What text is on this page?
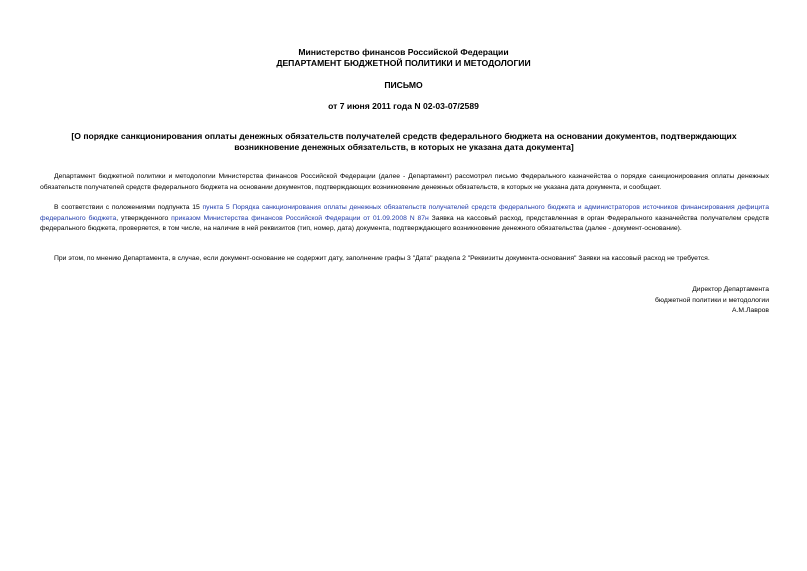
Министерство финансов Российской Федерации
ДЕПАРТАМЕНТ БЮДЖЕТНОЙ ПОЛИТИКИ И МЕТОДОЛОГИИ
ПИСЬМО
от 7 июня 2011 года N 02-03-07/2589
[О порядке санкционирования оплаты денежных обязательств получателей средств федерального бюджета на основании документов, подтверждающих возникновение денежных обязательств, в которых не указана дата документа]

Департамент бюджетной политики и методологии Министерства финансов Российской Федерации (далее - Департамент) рассмотрел письмо Федерального казначейства о порядке санкционирования оплаты денежных обязательств получателей средств федерального бюджета на основании документов, подтверждающих возникновение денежных обязательств, в которых не указана дата документа, и сообщает.

В соответствии с положениями подпункта 15 пункта 5 Порядка санкционирования оплаты денежных обязательств получателей средств федерального бюджета и администраторов источников финансирования дефицита федерального бюджета, утвержденного приказом Министерства финансов Российской Федерации от 01.09.2008 N 87н Заявка на кассовый расход, представленная в орган Федерального казначейства получателем средств федерального бюджета, проверяется, в том числе, на наличие в ней реквизитов (тип, номер, дата) документа, подтверждающего возникновение денежного обязательства (далее - документ-основание).

При этом, по мнению Департамента, в случае, если документ-основание не содержит дату, заполнение графы 3 "Дата" раздела 2 "Реквизиты документа-основания" Заявки на кассовый расход не требуется.

Директор Департамента
бюджетной политики и методологии
А.М.Лавров
